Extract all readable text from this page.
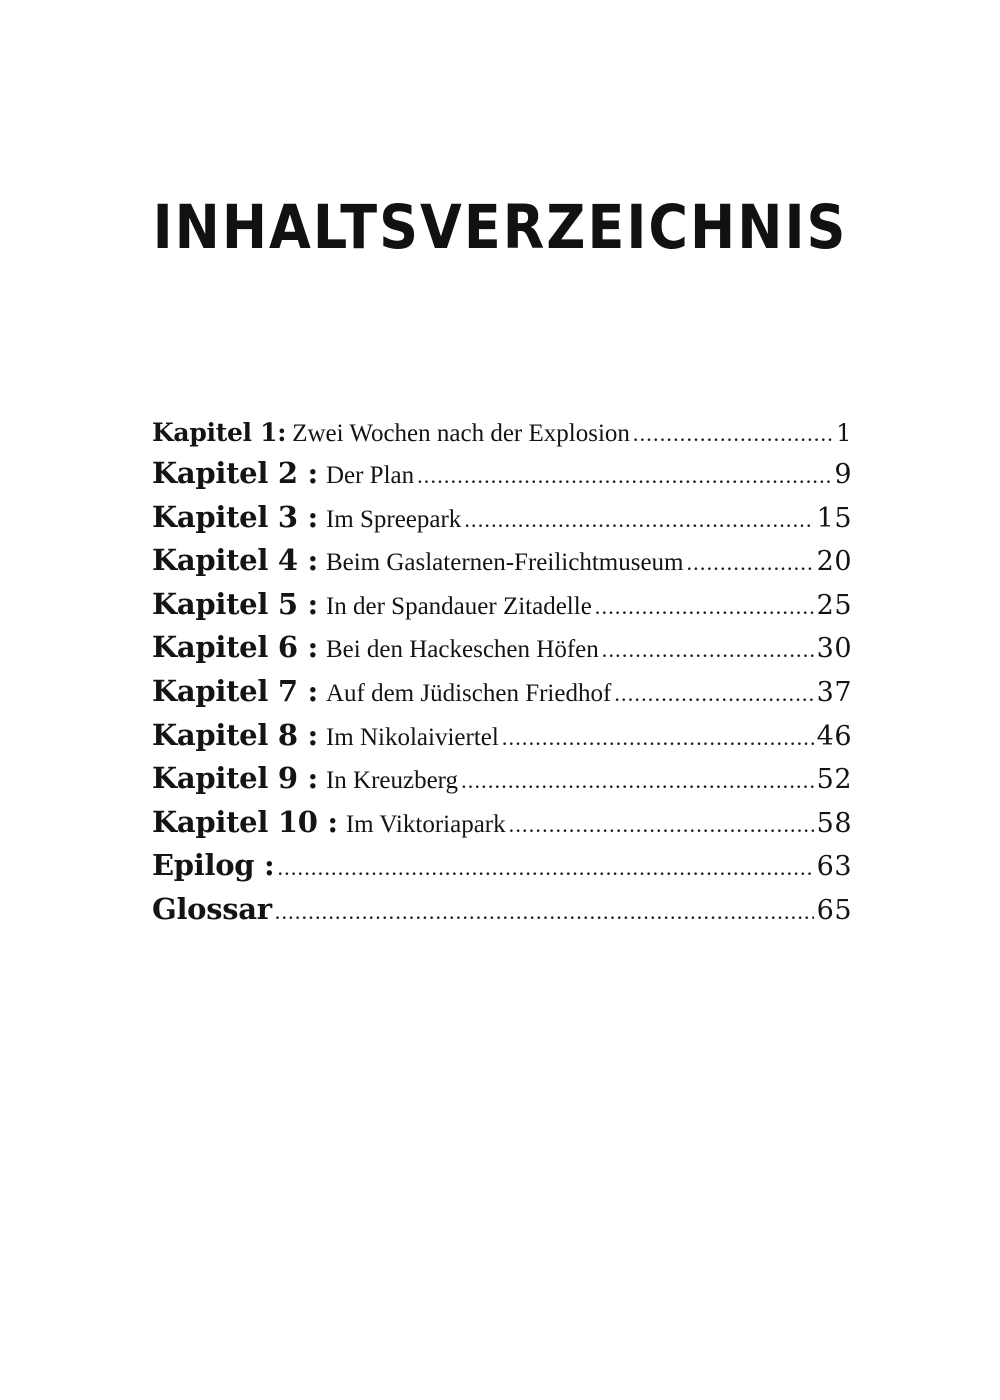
INHALTSVERZEICHNIS
Kapitel 1: Zwei Wochen nach der Explosion .....	1
Kapitel 2 : Der Plan .....	9
Kapitel 3 : Im Spreepark .....	15
Kapitel 4 : Beim Gaslaternen-Freilichtmuseum .....	20
Kapitel 5 : In der Spandauer Zitadelle .....	25
Kapitel 6 : Bei den Hackeschen Höfen .....	30
Kapitel 7 : Auf dem Jüdischen Friedhof .....	37
Kapitel 8 : Im Nikolaiviertel .....	46
Kapitel 9 : In Kreuzberg .....	52
Kapitel 10 : Im Viktoriapark .....	58
Epilog : .....	63
Glossar .....	65
